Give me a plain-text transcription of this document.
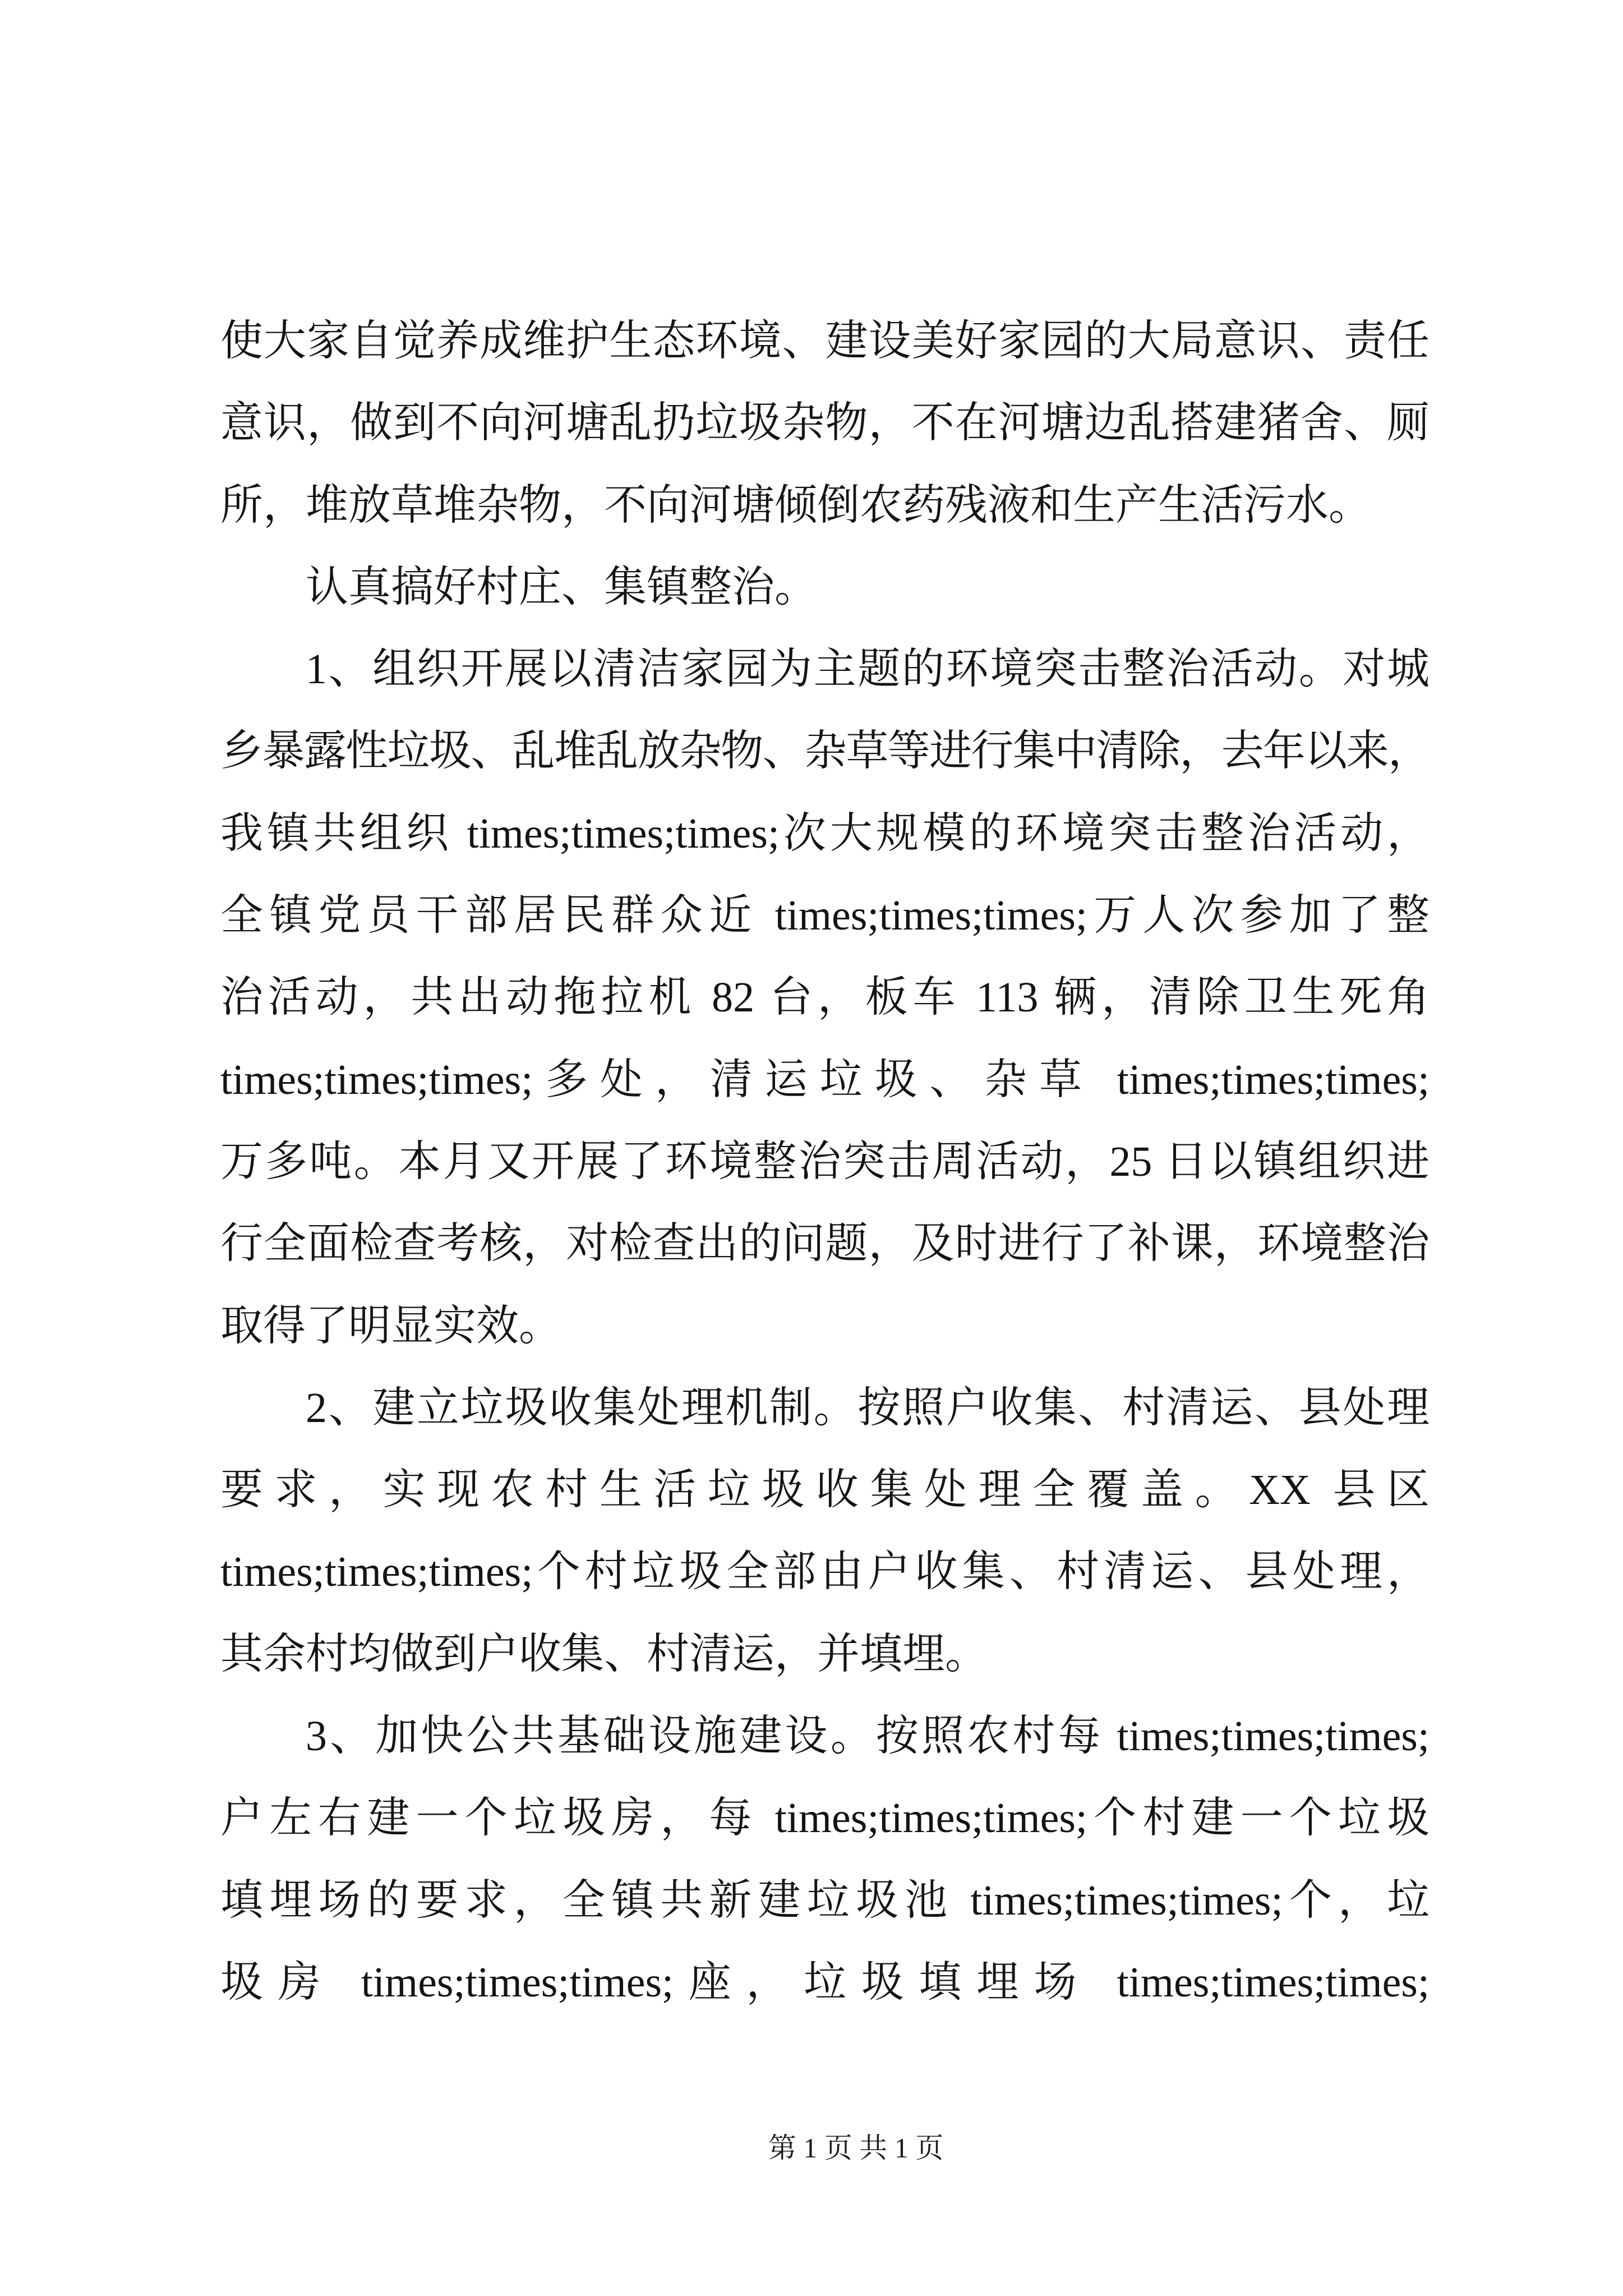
使大家自觉养成维护生态环境、建设美好家园的大局意识、责任
意识，做到不向河塘乱扔垃圾杂物，不在河塘边乱搭建猪舍、厕
所，堆放草堆杂物，不向河塘倾倒农药残液和生产生活污水。
认真搞好村庄、集镇整治。
1、组织开展以清洁家园为主题的环境突击整治活动。对城
乡暴露性垃圾、乱堆乱放杂物、杂草等进行集中清除，去年以来，
我镇共组织 times;times;times;次大规模的环境突击整治活动，
全镇党员干部居民群众近 times;times;times;万人次参加了整
治活动，共出动拖拉机 82 台，板车 113 辆，清除卫生死角
times;times;times;多处，清运垃圾、杂草 times;times;times;
万多吨。本月又开展了环境整治突击周活动，25 日以镇组织进
行全面检查考核，对检查出的问题，及时进行了补课，环境整治
取得了明显实效。
2、建立垃圾收集处理机制。按照户收集、村清运、县处理
要求，实现农村生活垃圾收集处理全覆盖。XX 县区
times;times;times;个村垃圾全部由户收集、村清运、县处理，
其余村均做到户收集、村清运，并填埋。
3、加快公共基础设施建设。按照农村每 times;times;times;
户左右建一个垃圾房，每 times;times;times;个村建一个垃圾
填埋场的要求，全镇共新建垃圾池 times;times;times;个，垃
圾房 times;times;times;座，垃圾填埋场 times;times;times;
第 1 页 共 1 页
